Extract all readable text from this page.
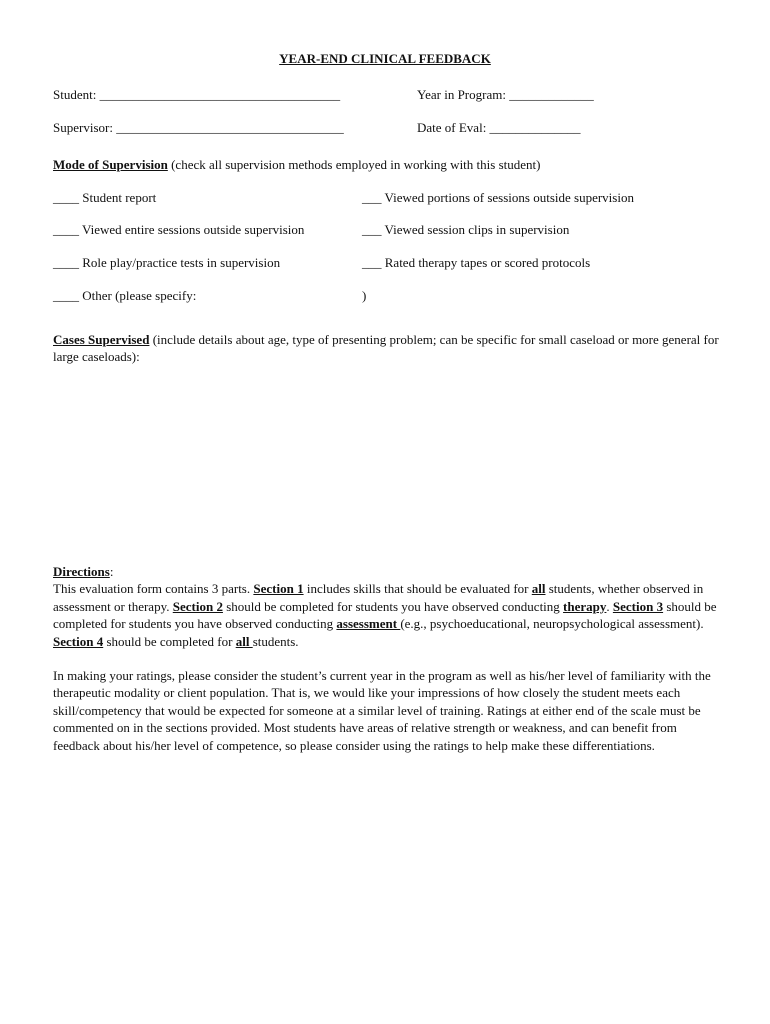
YEAR-END CLINICAL FEEDBACK
Student: _____________________________________	Year in Program: _____________
Supervisor: ___________________________________	Date of Eval: ______________
Mode of Supervision (check all supervision methods employed in working with this student)
____ Student report	___ Viewed portions of sessions outside supervision
____ Viewed entire sessions outside supervision	___ Viewed session clips in supervision
____ Role play/practice tests in supervision	___ Rated therapy tapes or scored protocols
____ Other (please specify:	)
Cases Supervised (include details about age, type of presenting problem; can be specific for small caseload or more general for large caseloads):
Directions:
This evaluation form contains 3 parts. Section 1 includes skills that should be evaluated for all students, whether observed in assessment or therapy. Section 2 should be completed for students you have observed conducting therapy. Section 3 should be completed for students you have observed conducting assessment (e.g., psychoeducational, neuropsychological assessment). Section 4 should be completed for all students.
In making your ratings, please consider the student’s current year in the program as well as his/her level of familiarity with the therapeutic modality or client population. That is, we would like your impressions of how closely the student meets each skill/competency that would be expected for someone at a similar level of training. Ratings at either end of the scale must be commented on in the sections provided. Most students have areas of relative strength or weakness, and can benefit from feedback about his/her level of competence, so please consider using the ratings to help make these differentiations.
